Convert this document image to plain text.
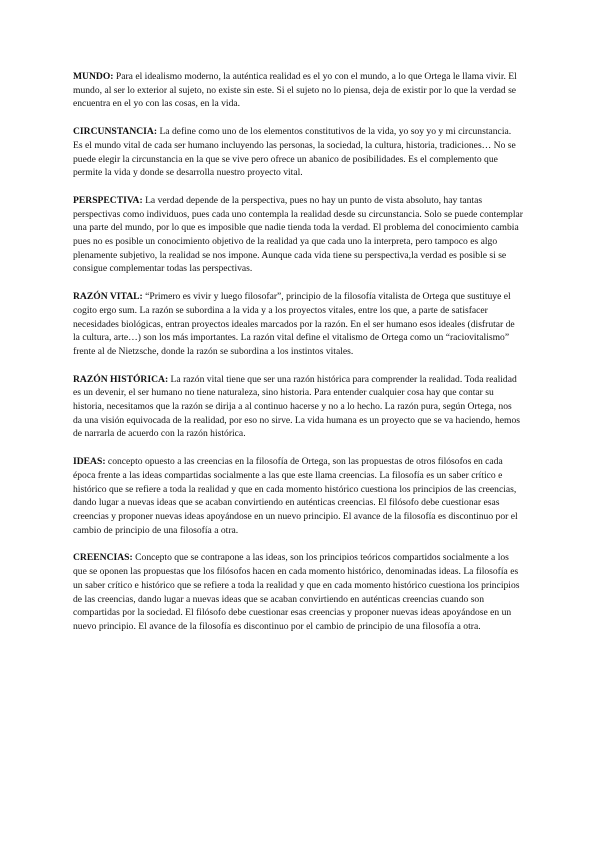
MUNDO: Para el idealismo moderno, la auténtica realidad es el yo con el mundo, a lo que Ortega le llama vivir. El mundo, al ser lo exterior al sujeto, no existe sin este. Si el sujeto no lo piensa, deja de existir por lo que la verdad se encuentra en el yo con las cosas, en la vida.

CIRCUNSTANCIA: La define como uno de los elementos constitutivos de la vida, yo soy yo y mi circunstancia. Es el mundo vital de cada ser humano incluyendo las personas, la sociedad, la cultura, historia, tradiciones… No se puede elegir la circunstancia en la que se vive pero ofrece un abanico de posibilidades. Es el complemento que permite la vida y donde se desarrolla nuestro proyecto vital.

PERSPECTIVA: La verdad depende de la perspectiva, pues no hay un punto de vista absoluto, hay tantas perspectivas como individuos, pues cada uno contempla la realidad desde su circunstancia. Solo se puede contemplar una parte del mundo, por lo que es imposible que nadie tienda toda la verdad. El problema del conocimiento cambia pues no es posible un conocimiento objetivo de la realidad ya que cada uno la interpreta, pero tampoco es algo plenamente subjetivo, la realidad se nos impone. Aunque cada vida tiene su perspectiva,la verdad es posible si se consigue complementar todas las perspectivas.

RAZÓN VITAL: “Primero es vivir y luego filosofar”, principio de la filosofía vitalista de Ortega que sustituye el cogito ergo sum. La razón se subordina a la vida y a los proyectos vitales, entre los que, a parte de satisfacer necesidades biológicas, entran proyectos ideales marcados por la razón. En el ser humano esos ideales (disfrutar de la cultura, arte…) son los más importantes. La razón vital define el vitalismo de Ortega como un “raciovitalismo” frente al de Nietzsche, donde la razón se subordina a los instintos vitales.

RAZÓN HISTÓRICA: La razón vital tiene que ser una razón histórica para comprender la realidad. Toda realidad es un devenir, el ser humano no tiene naturaleza, sino historia. Para entender cualquier cosa hay que contar su historia, necesitamos que la razón se dirija a al continuo hacerse y no a lo hecho. La razón pura, según Ortega, nos da una visión equivocada de la realidad, por eso no sirve. La vida humana es un proyecto que se va haciendo, hemos de narrarla de acuerdo con la razón histórica.

IDEAS: concepto opuesto a las creencias en la filosofía de Ortega, son las propuestas de otros filósofos en cada época frente a las ideas compartidas socialmente a las que este llama creencias. La filosofía es un saber crítico e histórico que se refiere a toda la realidad y que en cada momento histórico cuestiona los principios de las creencias, dando lugar a nuevas ideas que se acaban convirtiendo en auténticas creencias. El filósofo debe cuestionar esas creencias y proponer nuevas ideas apoyándose en un nuevo principio. El avance de la filosofía es discontinuo por el cambio de principio de una filosofía a otra.

CREENCIAS: Concepto que se contrapone a las ideas, son los principios teóricos compartidos socialmente a los que se oponen las propuestas que los filósofos hacen en cada momento histórico, denominadas ideas. La filosofía es un saber crítico e histórico que se refiere a toda la realidad y que en cada momento histórico cuestiona los principios de las creencias, dando lugar a nuevas ideas que se acaban convirtiendo en auténticas creencias cuando son compartidas por la sociedad. El filósofo debe cuestionar esas creencias y proponer nuevas ideas apoyándose en un nuevo principio. El avance de la filosofía es discontinuo por el cambio de principio de una filosofía a otra.
